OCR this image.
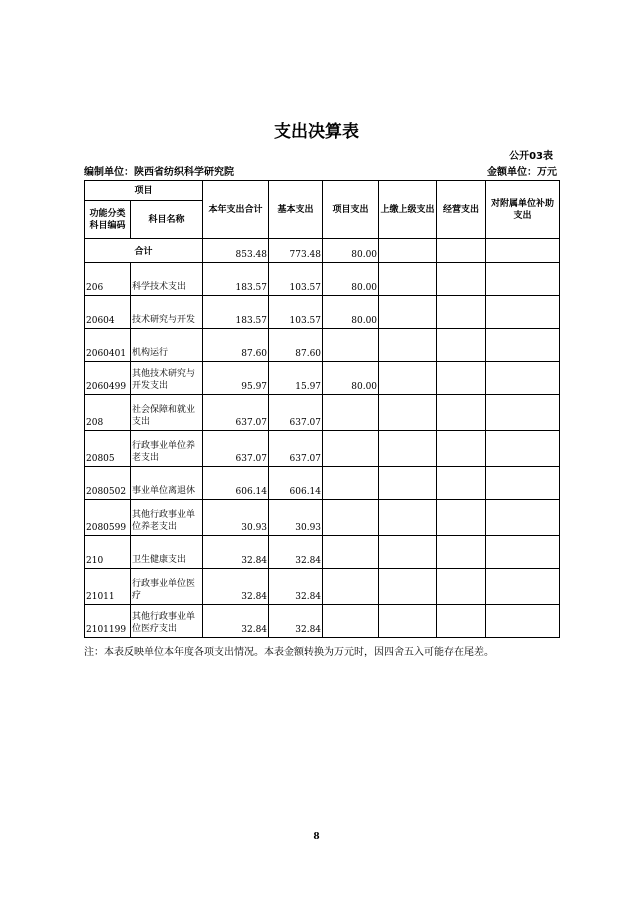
支出决算表
公开03表
编制单位：陕西省纺织科学研究院	金额单位：万元
项目		本年支出合计	基本支出	项目支出	上缴上级支出	经营支出	对附属单位补助支出
功能分类科目编码	科目名称						
合计		853.48	773.48	80.00			
206	科学技术支出	183.57	103.57	80.00			
20604	技术研究与开发	183.57	103.57	80.00			
2060401	机构运行	87.60	87.60				
2060499	其他技术研究与开发支出	95.97	15.97	80.00			
208	社会保障和就业支出	637.07	637.07				
20805	行政事业单位养老支出	637.07	637.07				
2080502	事业单位离退休	606.14	606.14				
2080599	其他行政事业单位养老支出	30.93	30.93				
210	卫生健康支出	32.84	32.84				
21011	行政事业单位医疗	32.84	32.84				
2101199	其他行政事业单位医疗支出	32.84	32.84				
注：本表反映单位本年度各项支出情况。本表金额转换为万元时，因四舍五入可能存在尾差。
8
